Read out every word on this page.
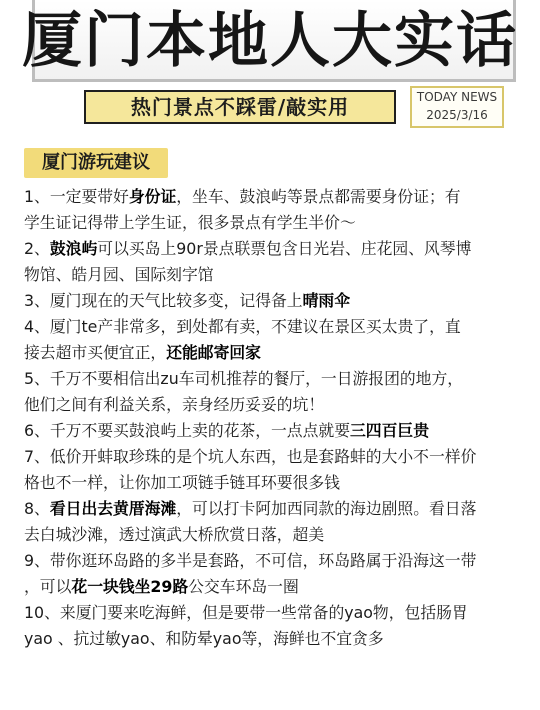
厦门本地人大实话
热门景点不踩雷/敲实用	TODAY NEWS
2025/3/16
厦门游玩建议
1、一定要带好身份证，坐车、鼓浪屿等景点都需要身份证；有
学生证记得带上学生证，很多景点有学生半价〜
2、鼓浪屿可以买岛上90r景点联票包含日光岩、庄花园、风琴博
物馆、皓月园、国际刻字馆
3、厦门现在的天气比较多变，记得备上晴雨伞
4、厦门te产非常多，到处都有卖，不建议在景区买太贵了，直
接去超市买便宜正，还能邮寄回家
5、千万不要相信出zu车司机推荐的餐厅，一日游报团的地方，
他们之间有利益关系，亲身经历妥妥的坑！
6、千万不要买鼓浪屿上卖的花茶，一点点就要三四百巨贵
7、低价开蚌取珍珠的是个坑人东西，也是套路蚌的大小不一样价
格也不一样，让你加工项链手链耳环要很多钱
8、看日出去黄厝海滩，可以打卡阿加西同款的海边剧照。看日落
去白城沙滩，透过演武大桥欣赏日落，超美
9、带你逛环岛路的多半是套路，不可信，环岛路属于沿海这一带
，可以花一块钱坐29路公交车环岛一圈
10、来厦门要来吃海鲜，但是要带一些常备的yao物，包括肠胃
yao 、抗过敏yao、和防晕yao等，海鲜也不宜贪多
